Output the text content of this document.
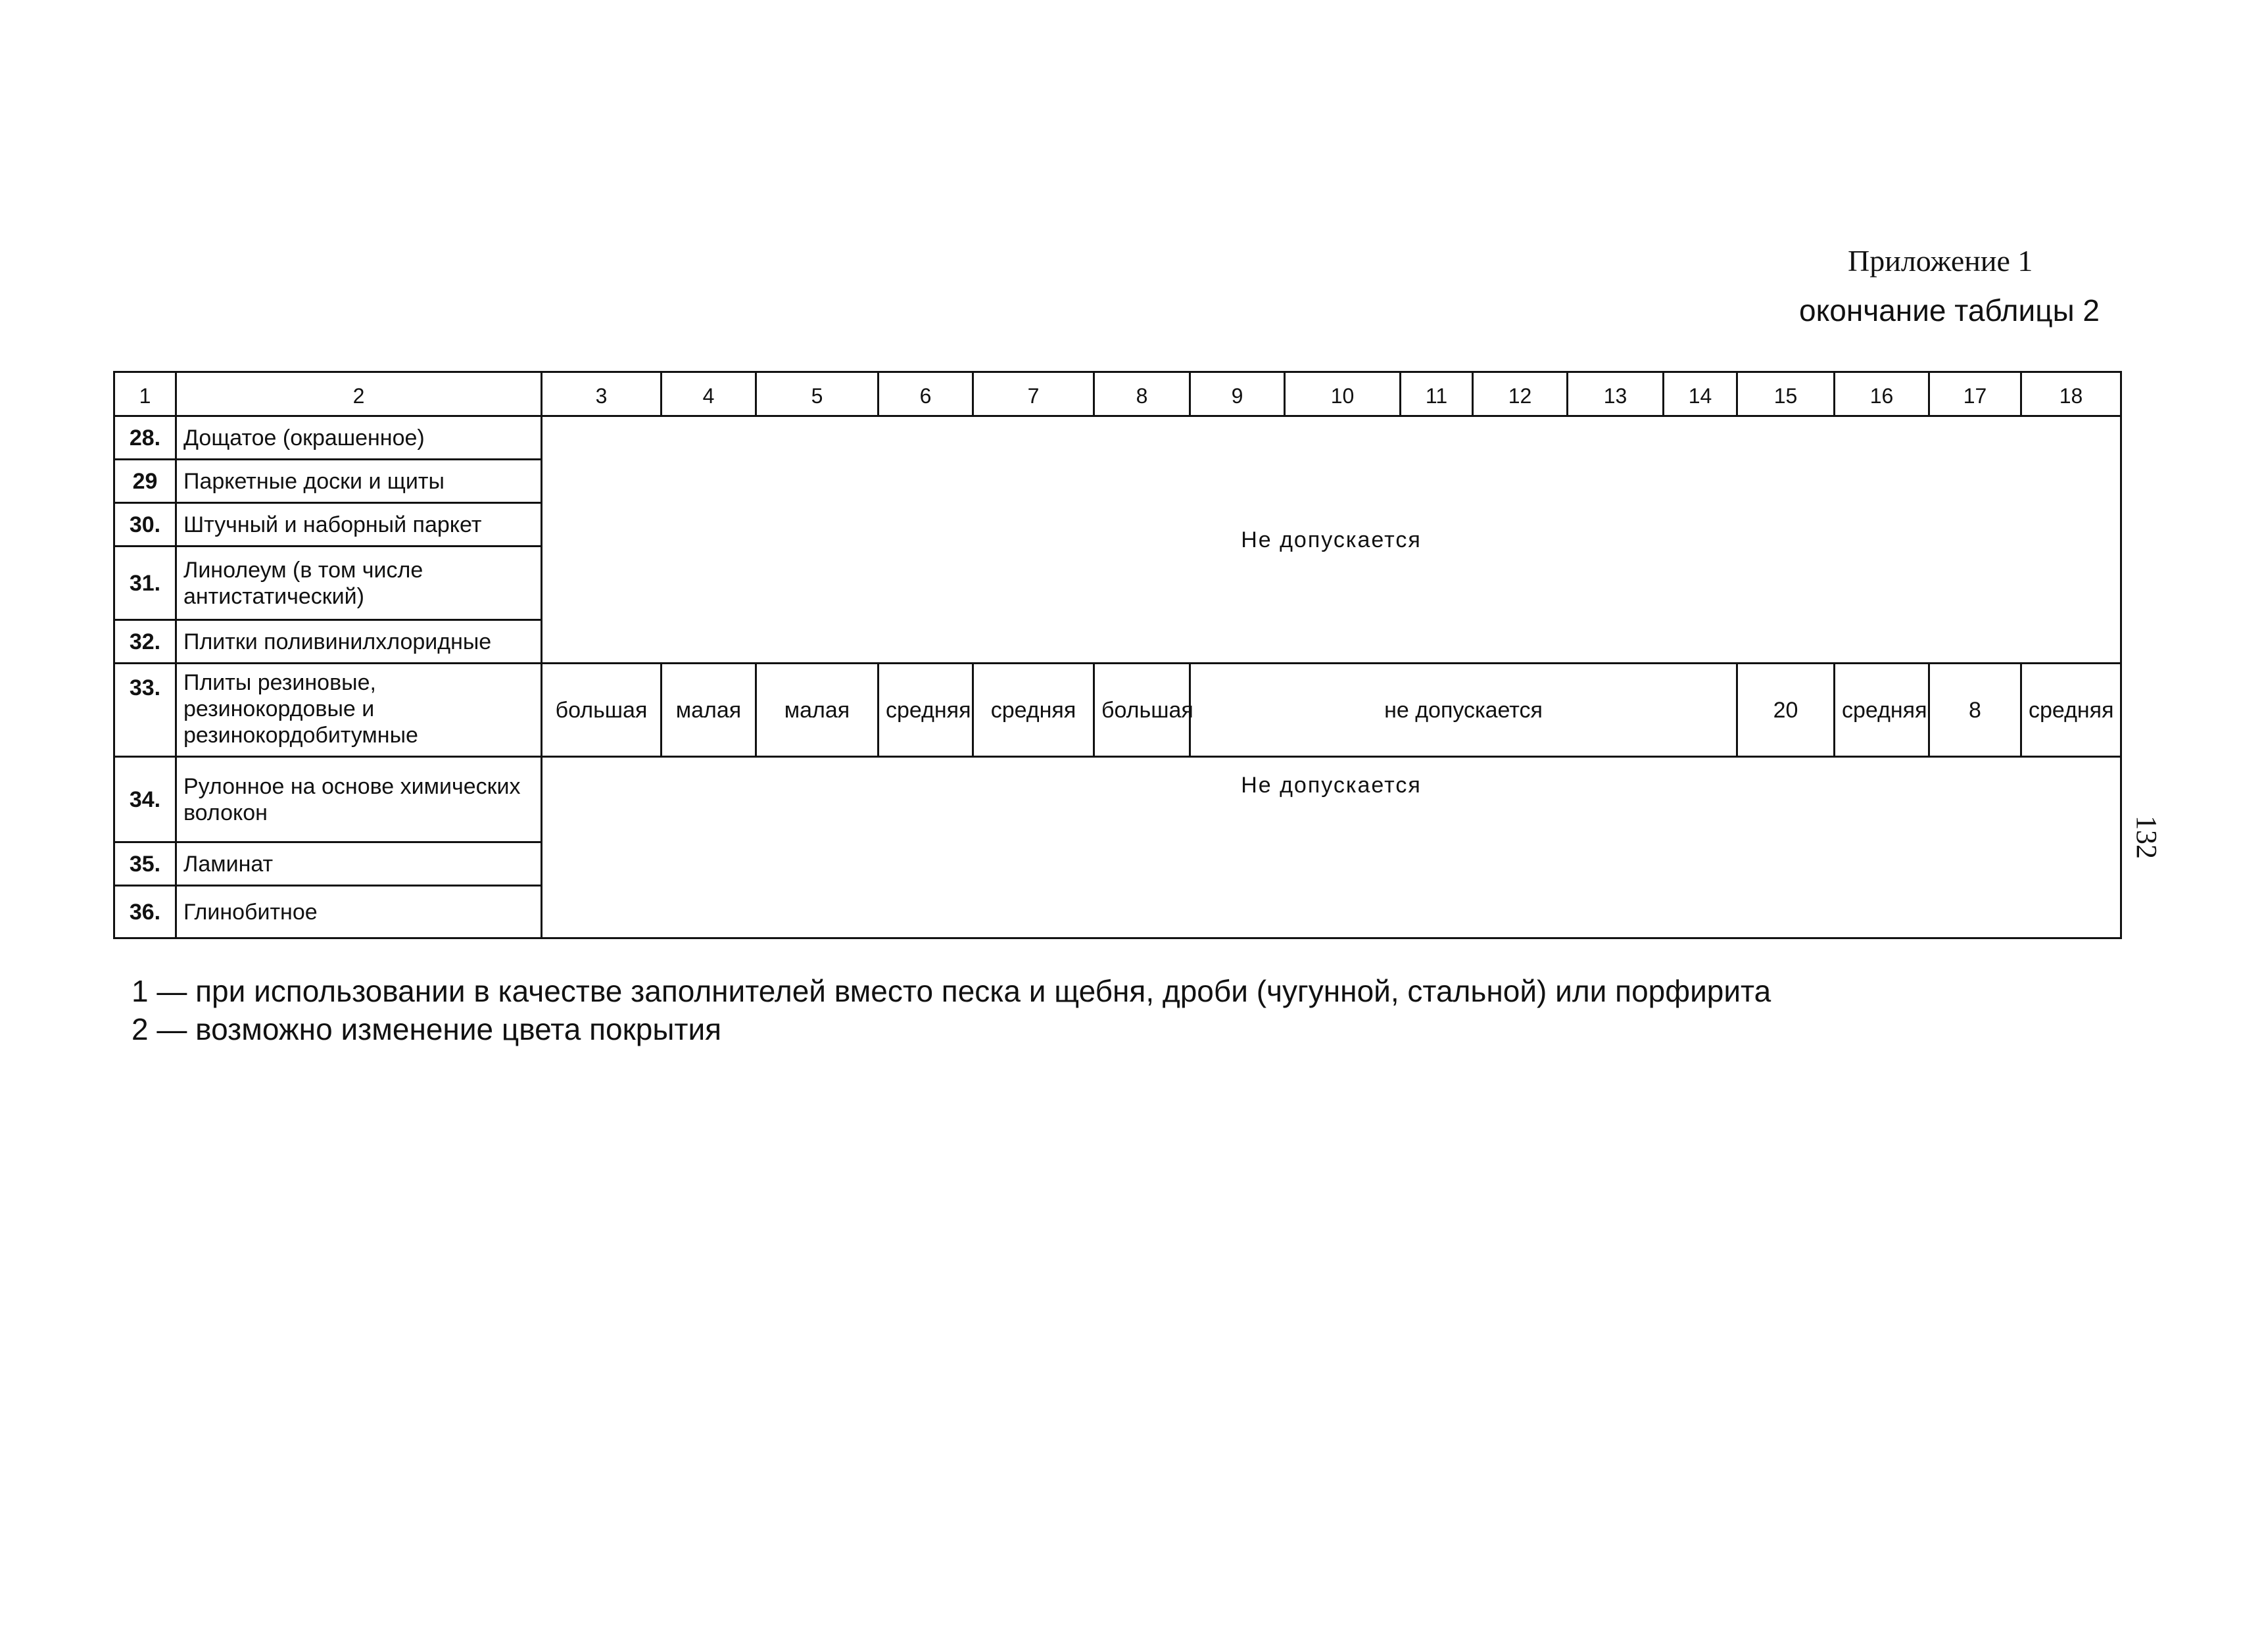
Приложение 1
окончание таблицы 2
132
1	2	3	4	5	6	7	8	9	10	11	12	13	14	15	16	17	18
28.	Дощатое (окрашенное)	Не допускается															
29	Паркетные доски и щиты																
30.	Штучный и наборный паркет																
31.	Линолеум (в том числе антистатический)																
32.	Плитки поливинилхлоридные																
33.	Плиты резиновые, резинокордовые и резинокордобитумные	большая	малая	малая	средняя	средняя	большая	не допускается						20	средняя	8	средняя
34.	Рулонное на основе химических волокон	Не допускается															
35.	Ламинат																
36.	Глинобитное																
1 — при использовании в качестве заполнителей вместо песка и щебня, дроби (чугунной, стальной) или порфирита
2 — возможно изменение цвета покрытия
